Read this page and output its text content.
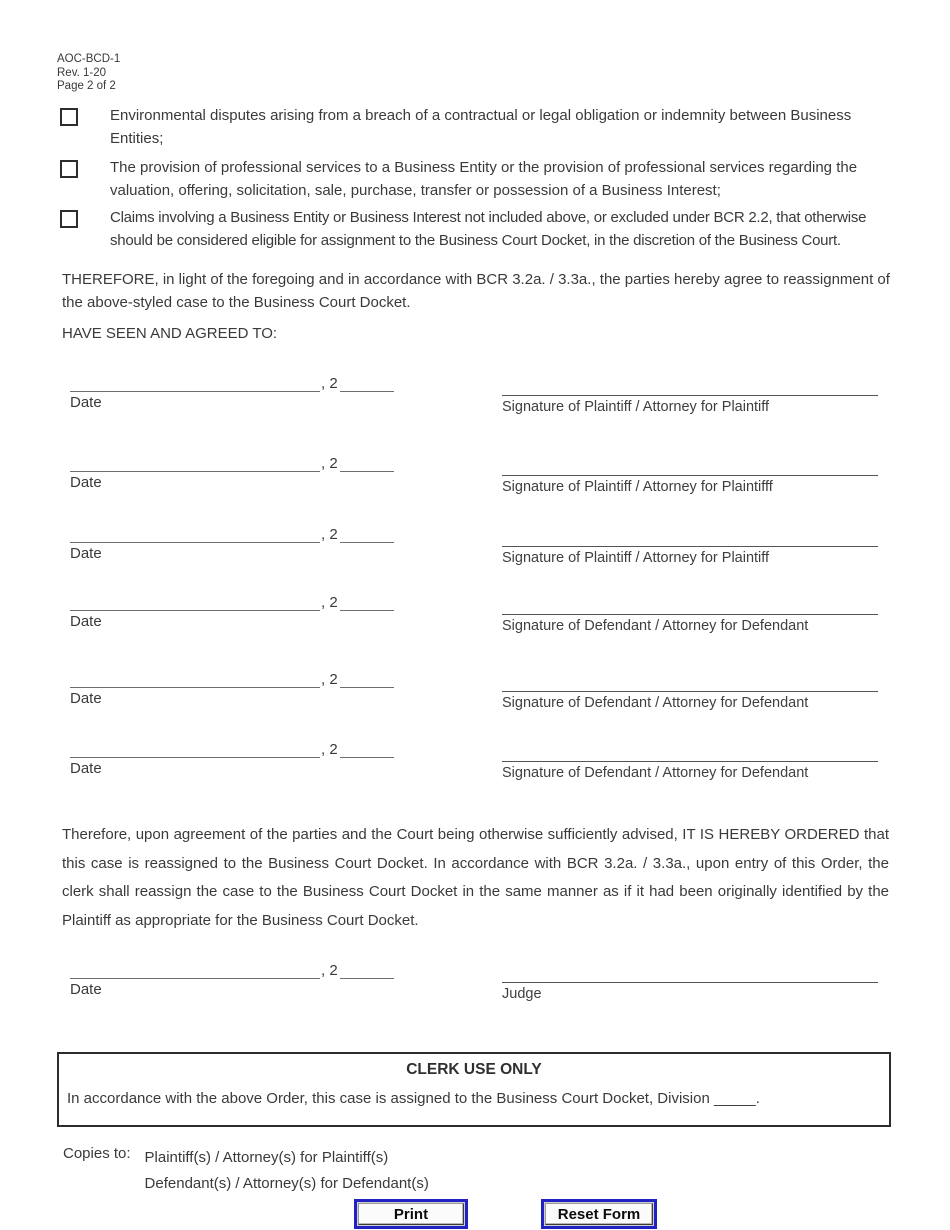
AOC-BCD-1
Rev. 1-20
Page 2 of 2
Environmental disputes arising from a breach of a contractual or legal obligation or indemnity between Business Entities;
The provision of professional services to a Business Entity or the provision of professional services regarding the valuation, offering, solicitation, sale, purchase, transfer or possession of a Business Interest;
Claims involving a Business Entity or Business Interest not included above, or excluded under BCR 2.2, that otherwise should be considered eligible for assignment to the Business Court Docket, in the discretion of the Business Court.
THEREFORE, in light of the foregoing and in accordance with BCR 3.2a. / 3.3a., the parties hereby agree to reassignment of the above-styled case to the Business Court Docket.
HAVE SEEN AND AGREED TO:
, 2
Date	Signature of Plaintiff / Attorney for Plaintiff
, 2
Date	Signature of Plaintiff / Attorney for Plaintifff
, 2
Date	Signature of Plaintiff / Attorney for Plaintiff
, 2
Date	Signature of Defendant / Attorney for Defendant
, 2
Date	Signature of Defendant / Attorney for Defendant
, 2
Date	Signature of Defendant / Attorney for Defendant
Therefore, upon agreement of the parties and the Court being otherwise sufficiently advised, IT IS HEREBY ORDERED that this case is reassigned to the Business Court Docket. In accordance with BCR 3.2a. / 3.3a., upon entry of this Order, the clerk shall reassign the case to the Business Court Docket in the same manner as if it had been originally identified by the Plaintiff as appropriate for the Business Court Docket.
, 2
Date	Judge
CLERK USE ONLY
In accordance with the above Order, this case is assigned to the Business Court Docket, Division _____.
Copies to: Plaintiff(s) / Attorney(s) for Plaintiff(s)
Defendant(s) / Attorney(s) for Defendant(s)
Print	Reset Form
